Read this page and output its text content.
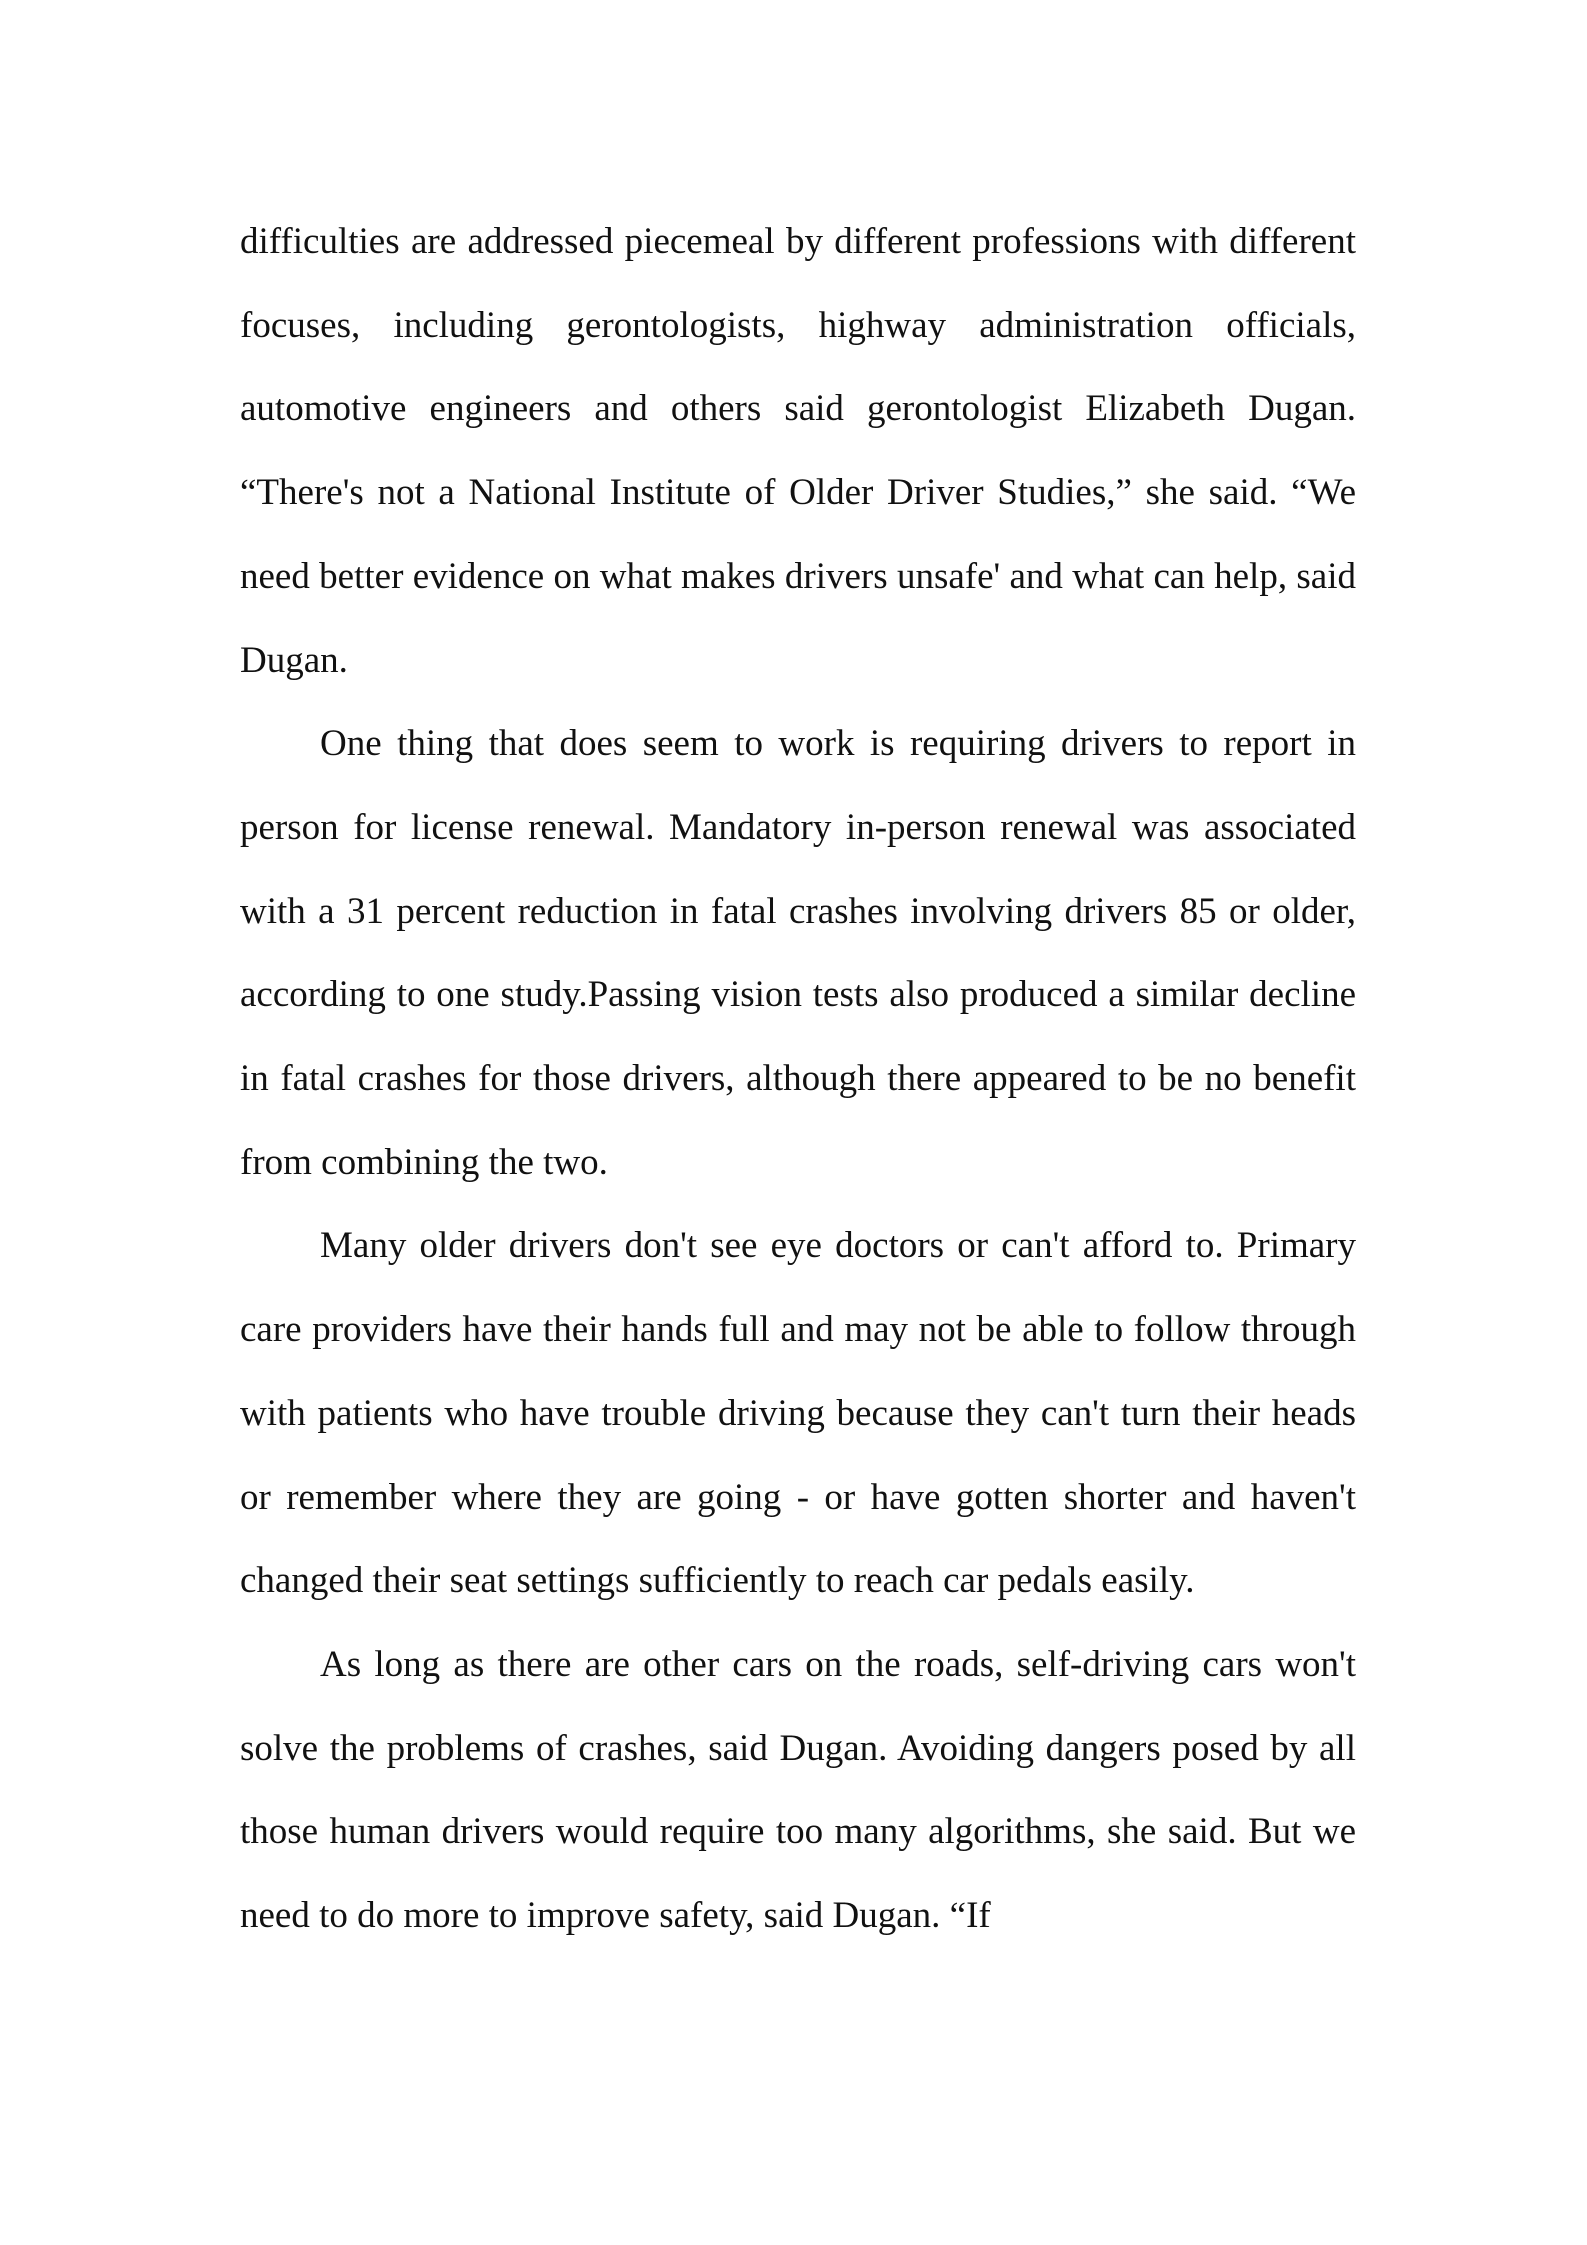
difficulties are addressed piecemeal by different professions with different focuses, including gerontologists, highway administration officials, automotive engineers and others said gerontologist Elizabeth Dugan. “There's not a National Institute of Older Driver Studies,” she said. “We need better evidence on what makes drivers unsafe' and what can help, said Dugan.

One thing that does seem to work is requiring drivers to report in person for license renewal. Mandatory in-person renewal was associated with a 31 percent reduction in fatal crashes involving drivers 85 or older, according to one study.Passing vision tests also produced a similar decline in fatal crashes for those drivers, although there appeared to be no benefit from combining the two.

Many older drivers don't see eye doctors or can't afford to. Primary care providers have their hands full and may not be able to follow through with patients who have trouble driving because they can't turn their heads or remember where they are going - or have gotten shorter and haven't changed their seat settings sufficiently to reach car pedals easily.

As long as there are other cars on the roads, self-driving cars won't solve the problems of crashes, said Dugan. Avoiding dangers posed by all those human drivers would require too many algorithms, she said. But we need to do more to improve safety, said Dugan. “If
